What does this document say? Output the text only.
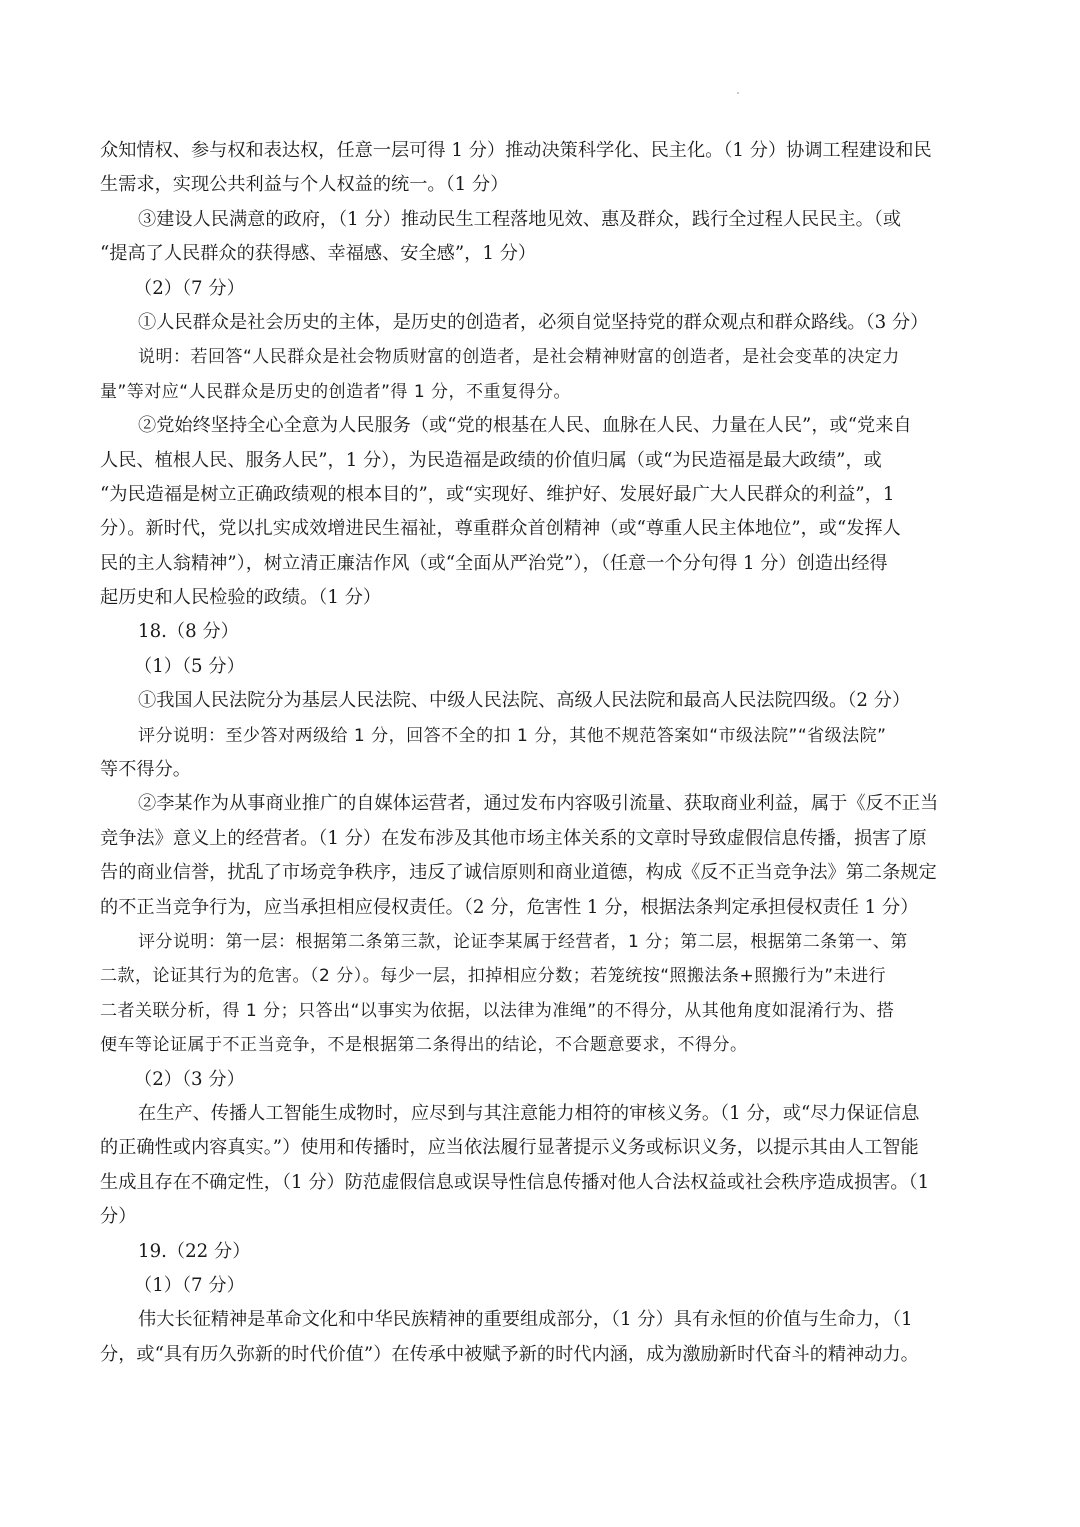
众知情权、参与权和表达权，任意一层可得 1 分）推动决策科学化、民主化。（1 分）协调工程建设和民
生需求，实现公共利益与个人权益的统一。（1 分）
③建设人民满意的政府，（1 分）推动民生工程落地见效、惠及群众，践行全过程人民民主。（或
“提高了人民群众的获得感、幸福感、安全感”，1 分）
（2）（7 分）
①人民群众是社会历史的主体，是历史的创造者，必须自觉坚持党的群众观点和群众路线。（3 分）
说明：若回答“人民群众是社会物质财富的创造者，是社会精神财富的创造者，是社会变革的决定力
量”等对应“人民群众是历史的创造者”得 1 分，不重复得分。
②党始终坚持全心全意为人民服务（或“党的根基在人民、血脉在人民、力量在人民”，或“党来自
人民、植根人民、服务人民”，1 分），为民造福是政绩的价值归属（或“为民造福是最大政绩”，或
“为民造福是树立正确政绩观的根本目的”，或“实现好、维护好、发展好最广大人民群众的利益”，1
分）。新时代，党以扎实成效增进民生福祉，尊重群众首创精神（或“尊重人民主体地位”，或“发挥人
民的主人翁精神”），树立清正廉洁作风（或“全面从严治党”），（任意一个分句得 1 分）创造出经得
起历史和人民检验的政绩。（1 分）
18.（8 分）
（1）（5 分）
①我国人民法院分为基层人民法院、中级人民法院、高级人民法院和最高人民法院四级。（2 分）
评分说明：至少答对两级给 1 分，回答不全的扣 1 分，其他不规范答案如“市级法院”“省级法院”
等不得分。
②李某作为从事商业推广的自媒体运营者，通过发布内容吸引流量、获取商业利益，属于《反不正当
竞争法》意义上的经营者。（1 分）在发布涉及其他市场主体关系的文章时导致虚假信息传播，损害了原
告的商业信誉，扰乱了市场竞争秩序，违反了诚信原则和商业道德，构成《反不正当竞争法》第二条规定
的不正当竞争行为，应当承担相应侵权责任。（2 分，危害性 1 分，根据法条判定承担侵权责任 1 分）
评分说明：第一层：根据第二条第三款，论证李某属于经营者，1 分；第二层，根据第二条第一、第
二款，论证其行为的危害。（2 分）。每少一层，扣掉相应分数；若笼统按“照搬法条+照搬行为”未进行
二者关联分析，得 1 分；只答出“以事实为依据，以法律为准绳”的不得分，从其他角度如混淆行为、搭
便车等论证属于不正当竞争，不是根据第二条得出的结论，不合题意要求，不得分。
（2）（3 分）
在生产、传播人工智能生成物时，应尽到与其注意能力相符的审核义务。（1 分，或“尽力保证信息
的正确性或内容真实。”）使用和传播时，应当依法履行显著提示义务或标识义务，以提示其由人工智能
生成且存在不确定性，（1 分）防范虚假信息或误导性信息传播对他人合法权益或社会秩序造成损害。（1
分）
19.（22 分）
（1）（7 分）
伟大长征精神是革命文化和中华民族精神的重要组成部分，（1 分）具有永恒的价值与生命力，（1
分，或“具有历久弥新的时代价值”）在传承中被赋予新的时代内涵，成为激励新时代奋斗的精神动力。
